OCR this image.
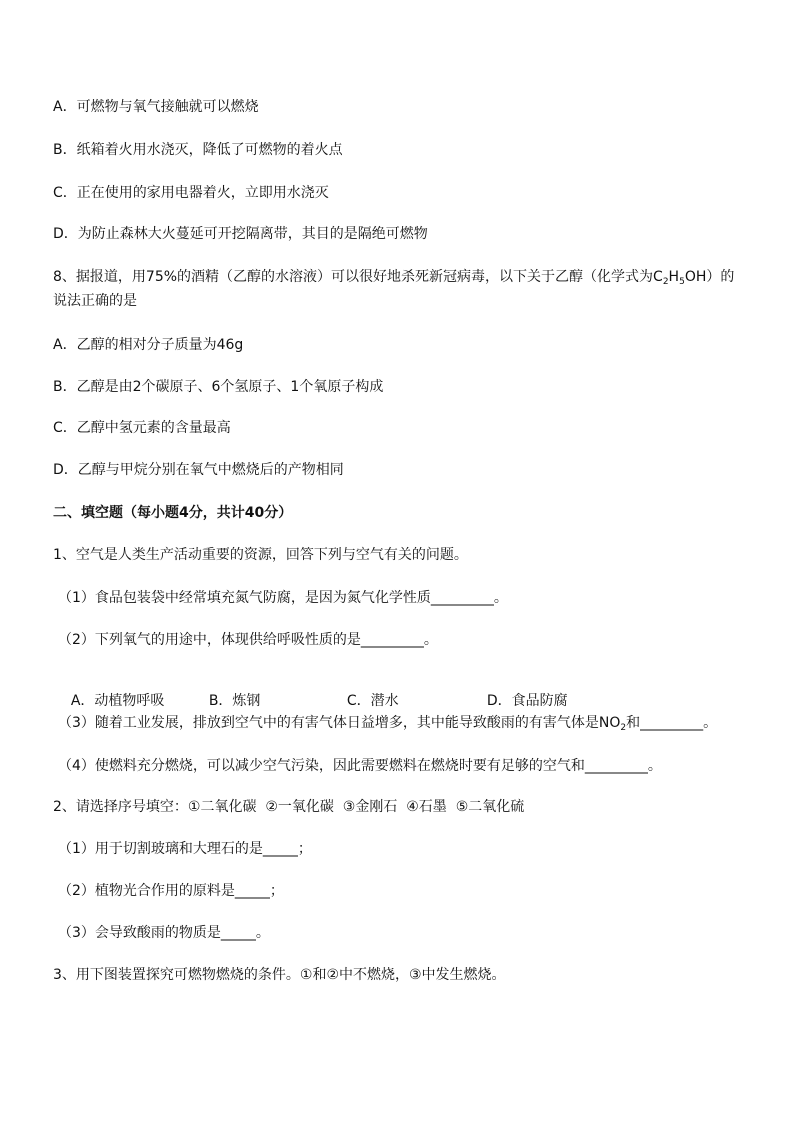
A．可燃物与氧气接触就可以燃烧
B．纸箱着火用水浇灭，降低了可燃物的着火点
C．正在使用的家用电器着火，立即用水浇灭
D．为防止森林大火蔓延可开挖隔离带，其目的是隔绝可燃物
8、据报道，用75%的酒精（乙醇的水溶液）可以很好地杀死新冠病毒，以下关于乙醇（化学式为$C_2H_5OH$）的
说法正确的是
A．乙醇的相对分子质量为46g
B．乙醇是由2个碳原子、6个氢原子、1个氧原子构成
C．乙醇中氢元素的含量最高
D．乙醇与甲烷分别在氧气中燃烧后的产物相同
二、填空题（每小题4分，共计40分）
1、空气是人类生产活动重要的资源，回答下列与空气有关的问题。
（1）食品包装袋中经常填充氮气防腐，是因为氮气化学性质_________。
（2）下列氧气的用途中，体现供给呼吸性质的是_________。

A．动植物呼吸	B．炼钢	C．潜水	D．食品防腐

（3）随着工业发展，排放到空气中的有害气体日益增多，其中能导致酸雨的有害气体是$NO_2$和_________。
（4）使燃料充分燃烧，可以减少空气污染，因此需要燃料在燃烧时要有足够的空气和_________。
2、请选择序号填空：①二氧化碳  ②一氧化碳  ③金刚石  ④石墨  ⑤二氧化硫
（1）用于切割玻璃和大理石的是_____；
（2）植物光合作用的原料是_____；
（3）会导致酸雨的物质是_____。
3、用下图装置探究可燃物燃烧的条件。①和②中不燃烧，③中发生燃烧。
